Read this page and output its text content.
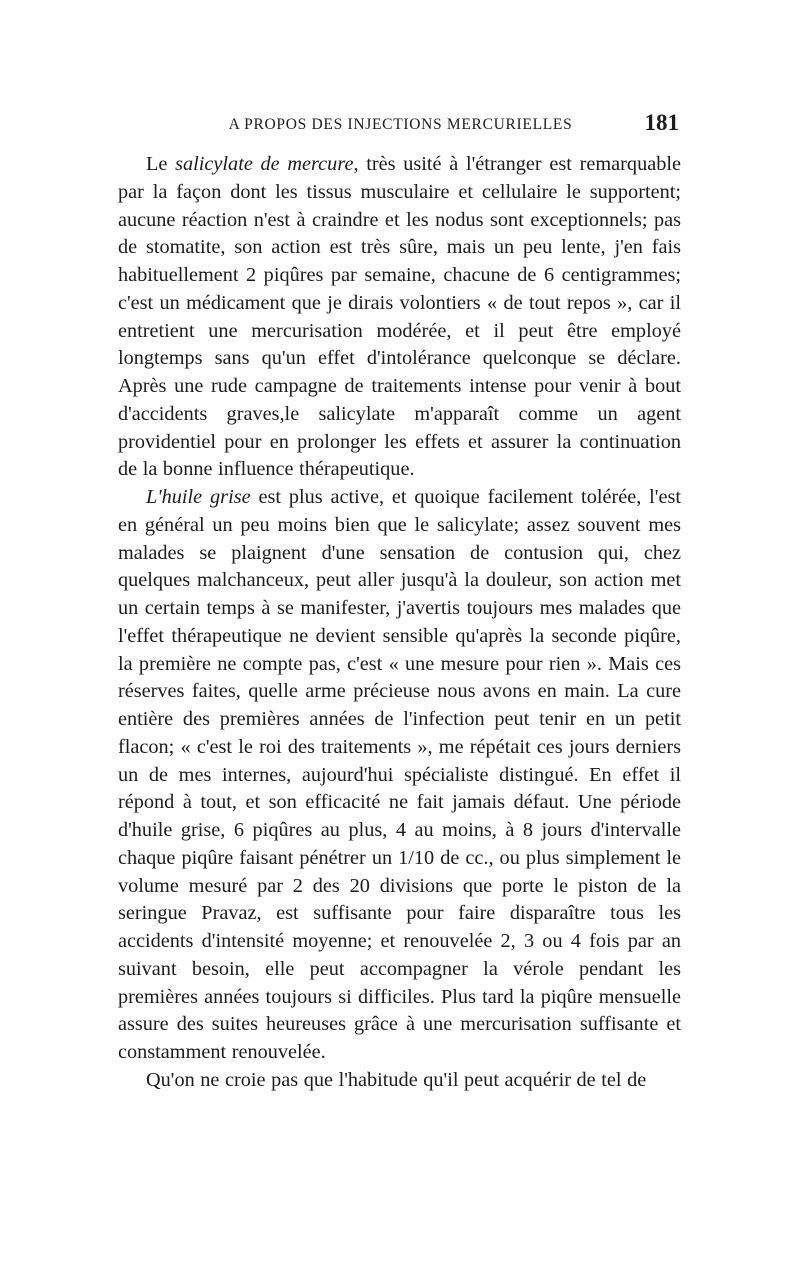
A PROPOS DES INJECTIONS MERCURIELLES	181

Le salicylate de mercure, très usité à l'étranger est remarquable par la façon dont les tissus musculaire et cellulaire le supportent; aucune réaction n'est à craindre et les nodus sont exceptionnels; pas de stomatite, son action est très sûre, mais un peu lente, j'en fais habituellement 2 piqûres par semaine, chacune de 6 centigrammes; c'est un médicament que je dirais volontiers « de tout repos », car il entretient une mercurisation modérée, et il peut être employé longtemps sans qu'un effet d'intolérance quelconque se déclare. Après une rude campagne de traitements intense pour venir à bout d'accidents graves,le salicylate m'apparaît comme un agent providentiel pour en prolonger les effets et assurer la continuation de la bonne influence thérapeutique.

L'huile grise est plus active, et quoique facilement tolérée, l'est en général un peu moins bien que le salicylate; assez souvent mes malades se plaignent d'une sensation de contusion qui, chez quelques malchanceux, peut aller jusqu'à la douleur, son action met un certain temps à se manifester, j'avertis toujours mes malades que l'effet thérapeutique ne devient sensible qu'après la seconde piqûre, la première ne compte pas, c'est « une mesure pour rien ». Mais ces réserves faites, quelle arme précieuse nous avons en main. La cure entière des premières années de l'infection peut tenir en un petit flacon; « c'est le roi des traitements », me répétait ces jours derniers un de mes internes, aujourd'hui spécialiste distingué. En effet il répond à tout, et son efficacité ne fait jamais défaut. Une période d'huile grise, 6 piqûres au plus, 4 au moins, à 8 jours d'intervalle chaque piqûre faisant pénétrer un 1/10 de cc., ou plus simplement le volume mesuré par 2 des 20 divisions que porte le piston de la seringue Pravaz, est suffisante pour faire disparaître tous les accidents d'intensité moyenne; et renouvelée 2, 3 ou 4 fois par an suivant besoin, elle peut accompagner la vérole pendant les premières années toujours si difficiles. Plus tard la piqûre mensuelle assure des suites heureuses grâce à une mercurisation suffisante et constamment renouvelée.

Qu'on ne croie pas que l'habitude qu'il peut acquérir de tel de
